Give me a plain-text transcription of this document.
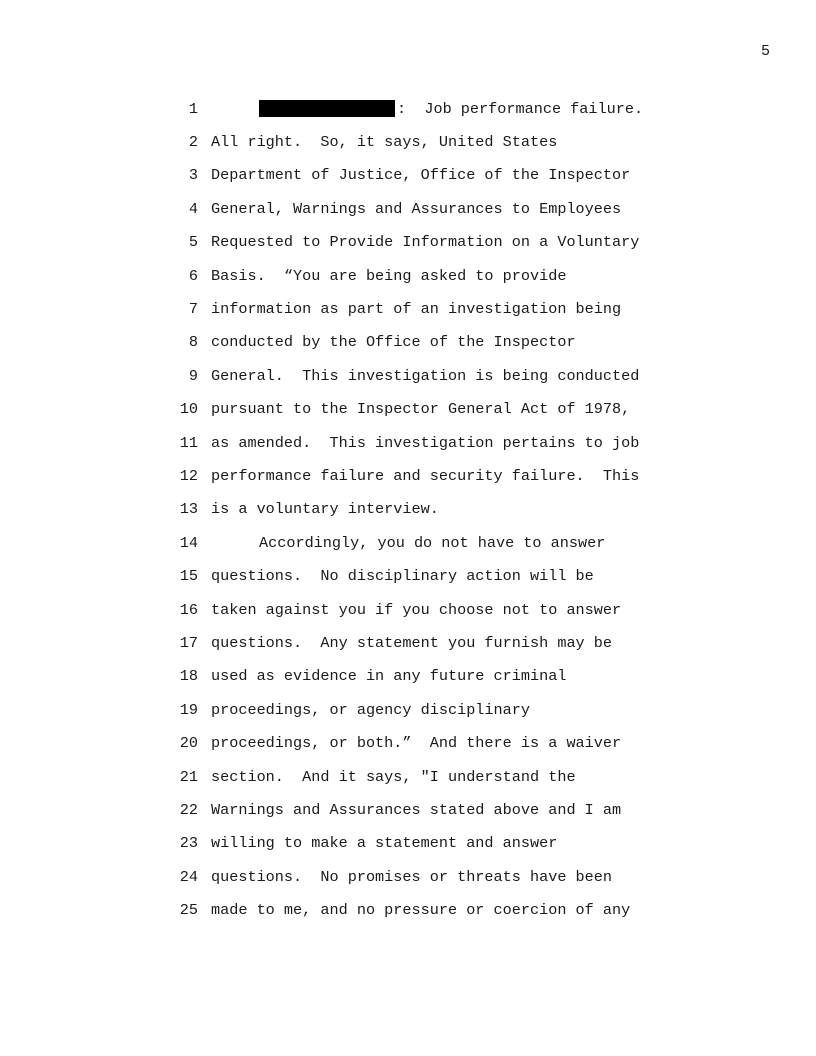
5
1	:  Job performance failure.
2 All right.  So, it says, United States
3 Department of Justice, Office of the Inspector
4 General, Warnings and Assurances to Employees
5 Requested to Provide Information on a Voluntary
6 Basis.  “You are being asked to provide
7 information as part of an investigation being
8 conducted by the Office of the Inspector
9 General.  This investigation is being conducted
10 pursuant to the Inspector General Act of 1978,
11 as amended.  This investigation pertains to job
12 performance failure and security failure.  This
13 is a voluntary interview.
14	Accordingly, you do not have to answer
15 questions.  No disciplinary action will be
16 taken against you if you choose not to answer
17 questions.  Any statement you furnish may be
18 used as evidence in any future criminal
19 proceedings, or agency disciplinary
20 proceedings, or both.”  And there is a waiver
21 section.  And it says, "I understand the
22 Warnings and Assurances stated above and I am
23 willing to make a statement and answer
24 questions.  No promises or threats have been
25 made to me, and no pressure or coercion of any
